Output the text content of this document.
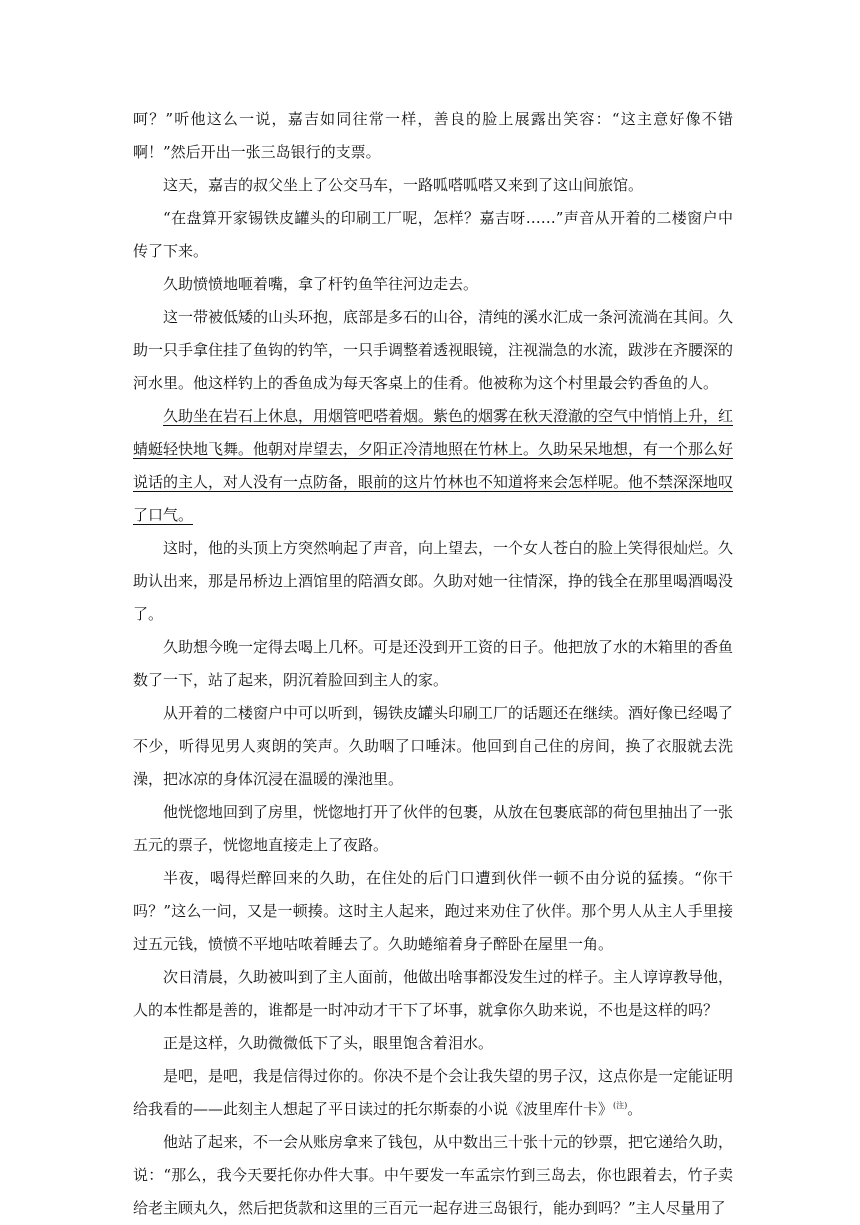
呵？”听他这么一说，嘉吉如同往常一样，善良的脸上展露出笑容：“这主意好像不错啊！”然后开出一张三岛银行的支票。

这天，嘉吉的叔父坐上了公交马车，一路呱嗒呱嗒又来到了这山间旅馆。

“在盘算开家锡铁皮罐头的印刷工厂呢，怎样？嘉吉呀……”声音从开着的二楼窗户中传了下来。

久助愤愤地咂着嘴，拿了杆钓鱼竿往河边走去。

这一带被低矮的山头环抱，底部是多石的山谷，清纯的溪水汇成一条河流淌在其间。久助一只手拿住挂了鱼钩的钓竿，一只手调整着透视眼镜，注视湍急的水流，跋涉在齐腰深的河水里。他这样钓上的香鱼成为每天客桌上的佳肴。他被称为这个村里最会钓香鱼的人。

久助坐在岩石上休息，用烟管吧嗒着烟。紫色的烟雾在秋天澄澈的空气中悄悄上升，红蜻蜓轻快地飞舞。他朝对岸望去，夕阳正冷清地照在竹林上。久助呆呆地想，有一个那么好说话的主人，对人没有一点防备，眼前的这片竹林也不知道将来会怎样呢。他不禁深深地叹了口气。

这时，他的头顶上方突然响起了声音，向上望去，一个女人苍白的脸上笑得很灿烂。久助认出来，那是吊桥边上酒馆里的陪酒女郎。久助对她一往情深，挣的钱全在那里喝酒喝没了。

久助想今晚一定得去喝上几杯。可是还没到开工资的日子。他把放了水的木箱里的香鱼数了一下，站了起来，阴沉着脸回到主人的家。

从开着的二楼窗户中可以听到，锡铁皮罐头印刷工厂的话题还在继续。酒好像已经喝了不少，听得见男人爽朗的笑声。久助咽了口唾沫。他回到自己住的房间，换了衣服就去洗澡，把冰凉的身体沉浸在温暖的澡池里。

他恍惚地回到了房里，恍惚地打开了伙伴的包裹，从放在包裹底部的荷包里抽出了一张五元的票子，恍惚地直接走上了夜路。

半夜，喝得烂醉回来的久助，在住处的后门口遭到伙伴一顿不由分说的猛揍。“你干吗？”这么一问，又是一顿揍。这时主人起来，跑过来劝住了伙伴。那个男人从主人手里接过五元钱，愤愤不平地咕哝着睡去了。久助蜷缩着身子醉卧在屋里一角。

次日清晨，久助被叫到了主人面前，他做出啥事都没发生过的样子。主人谆谆教导他，人的本性都是善的，谁都是一时冲动才干下了坏事，就拿你久助来说，不也是这样的吗？

正是这样，久助微微低下了头，眼里饱含着泪水。

是吧，是吧，我是信得过你的。你决不是个会让我失望的男子汉，这点你是一定能证明给我看的——此刻主人想起了平日读过的托尔斯泰的小说《波里库什卡》$^{(注)}$。

他站了起来，不一会从账房拿来了钱包，从中数出三十张十元的钞票，把它递给久助，说：“那么，我今天要托你办件大事。中午要发一车孟宗竹到三岛去，你也跟着去，竹子卖给老主顾丸久，然后把货款和这里的三百元一起存进三岛银行，能办到吗？”主人尽量用了
